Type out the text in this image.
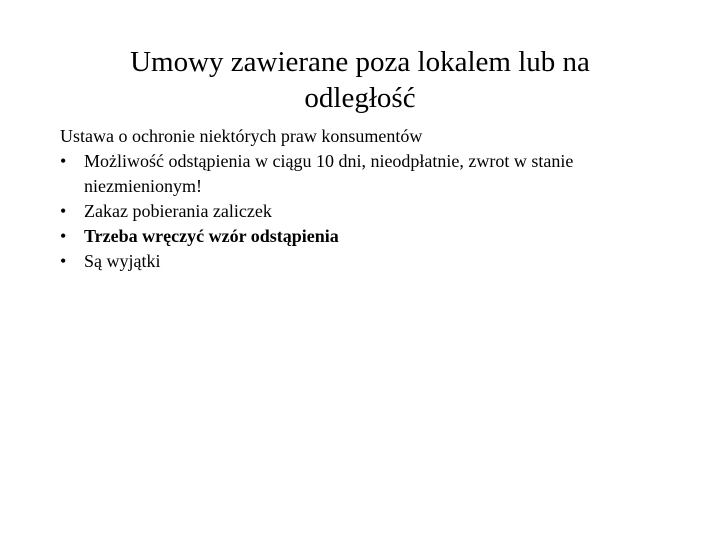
Umowy zawierane poza lokalem lub na
odległość

Ustawa o ochronie niektórych praw konsumentów

• Możliwość odstąpienia w ciągu 10 dni, nieodpłatnie, zwrot w stanie niezmienionym!
• Zakaz pobierania zaliczek
• Trzeba wręczyć wzór odstąpienia
• Są wyjątki
